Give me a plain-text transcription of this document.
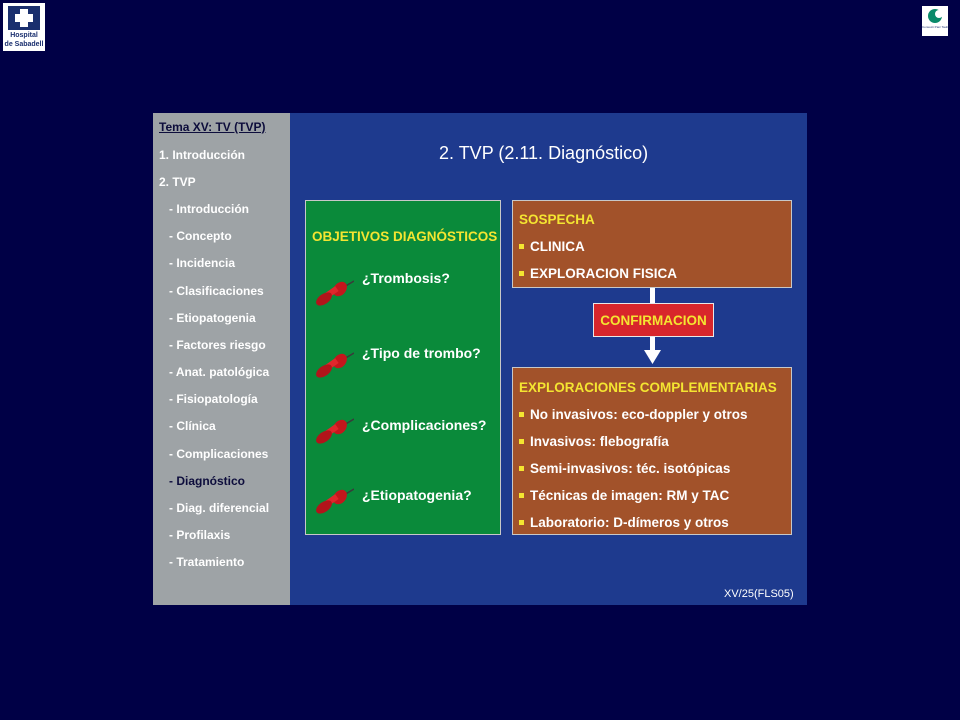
Hospital
de Sabadell
Consorci Parc Taulí
Tema XV: TV (TVP)
1. Introducción
2. TVP
- Introducción
- Concepto
- Incidencia
- Clasificaciones
- Etiopatogenia
- Factores riesgo
- Anat. patológica
- Fisiopatología
- Clínica
- Complicaciones
- Diagnóstico
- Diag. diferencial
- Profilaxis
- Tratamiento
2. TVP (2.11. Diagnóstico)
OBJETIVOS DIAGNÓSTICOS
¿Trombosis?
¿Tipo de trombo?
¿Complicaciones?
¿Etiopatogenia?
SOSPECHA
CLINICA
EXPLORACION FISICA
CONFIRMACION
EXPLORACIONES COMPLEMENTARIAS
No invasivos: eco-doppler y otros
Invasivos: flebografía
Semi-invasivos: téc. isotópicas
Técnicas de imagen: RM y TAC
Laboratorio: D-dímeros y otros
XV/25(FLS05)
